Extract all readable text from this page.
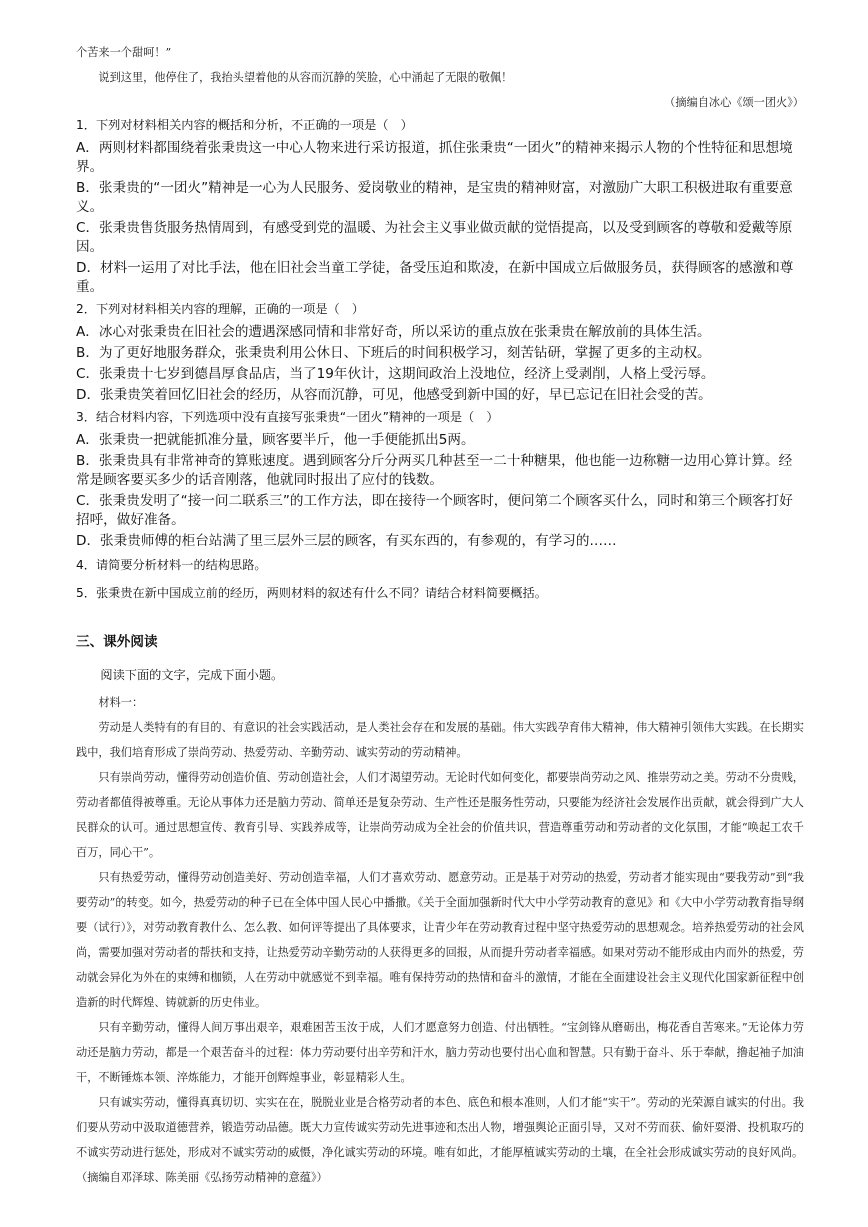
个苦来一个甜呵！”

说到这里，他停住了，我抬头望着他的从容而沉静的笑脸，心中涌起了无限的敬佩！

（摘编自冰心《颂一团火》）

1．下列对材料相关内容的概括和分析，不正确的一项是（　）

A．两则材料都围绕着张秉贵这一中心人物来进行采访报道，抓住张秉贵“一团火”的精神来揭示人物的个性特征和思想境界。

B．张秉贵的“一团火”精神是一心为人民服务、爱岗敬业的精神，是宝贵的精神财富，对激励广大职工积极进取有重要意义。

C．张秉贵售货服务热情周到，有感受到党的温暖、为社会主义事业做贡献的觉悟提高，以及受到顾客的尊敬和爱戴等原因。

D．材料一运用了对比手法，他在旧社会当童工学徒，备受压迫和欺凌，在新中国成立后做服务员，获得顾客的感激和尊重。

2．下列对材料相关内容的理解，正确的一项是（　）

A．冰心对张秉贵在旧社会的遭遇深感同情和非常好奇，所以采访的重点放在张秉贵在解放前的具体生活。

B．为了更好地服务群众，张秉贵利用公休日、下班后的时间积极学习，刻苦钻研，掌握了更多的主动权。

C．张秉贵十七岁到德昌厚食品店，当了19年伙计，这期间政治上没地位，经济上受剥削，人格上受污辱。

D．张秉贵笑着回忆旧社会的经历，从容而沉静，可见，他感受到新中国的好，早已忘记在旧社会受的苦。

3．结合材料内容，下列选项中没有直接写张秉贵“一团火”精神的一项是（　）

A．张秉贵一把就能抓准分量，顾客要半斤，他一手便能抓出5两。

B．张秉贵具有非常神奇的算账速度。遇到顾客分斤分两买几种甚至一二十种糖果，他也能一边称糖一边用心算计算。经常是顾客要买多少的话音刚落，他就同时报出了应付的钱数。

C．张秉贵发明了“接一问二联系三”的工作方法，即在接待一个顾客时，便问第二个顾客买什么，同时和第三个顾客打好招呼，做好准备。

D．张秉贵师傅的柜台站满了里三层外三层的顾客，有买东西的，有参观的，有学习的……

4．请简要分析材料一的结构思路。

5．张秉贵在新中国成立前的经历，两则材料的叙述有什么不同？请结合材料简要概括。

三、课外阅读

阅读下面的文字，完成下面小题。

材料一：

劳动是人类特有的有目的、有意识的社会实践活动，是人类社会存在和发展的基础。伟大实践孕育伟大精神，伟大精神引领伟大实践。在长期实践中，我们培育形成了崇尚劳动、热爱劳动、辛勤劳动、诚实劳动的劳动精神。

只有崇尚劳动，懂得劳动创造价值、劳动创造社会，人们才渴望劳动。无论时代如何变化，都要崇尚劳动之风、推崇劳动之美。劳动不分贵贱，劳动者都值得被尊重。无论从事体力还是脑力劳动、简单还是复杂劳动、生产性还是服务性劳动，只要能为经济社会发展作出贡献，就会得到广大人民群众的认可。通过思想宣传、教育引导、实践养成等，让崇尚劳动成为全社会的价值共识，营造尊重劳动和劳动者的文化氛围，才能“唤起工农千百万，同心干”。

只有热爱劳动，懂得劳动创造美好、劳动创造幸福，人们才喜欢劳动、愿意劳动。正是基于对劳动的热爱，劳动者才能实现由“要我劳动”到“我要劳动”的转变。如今，热爱劳动的种子已在全体中国人民心中播撒。《关于全面加强新时代大中小学劳动教育的意见》和《大中小学劳动教育指导纲要（试行）》，对劳动教育教什么、怎么教、如何评等提出了具体要求，让青少年在劳动教育过程中坚守热爱劳动的思想观念。培养热爱劳动的社会风尚，需要加强对劳动者的帮扶和支持，让热爱劳动辛勤劳动的人获得更多的回报，从而提升劳动者幸福感。如果对劳动不能形成由内而外的热爱，劳动就会异化为外在的束缚和枷锁，人在劳动中就感觉不到幸福。唯有保持劳动的热情和奋斗的激情，才能在全面建设社会主义现代化国家新征程中创造新的时代辉煌、铸就新的历史伟业。

只有辛勤劳动，懂得人间万事出艰辛，艰难困苦玉汝于成，人们才愿意努力创造、付出牺牲。“宝剑锋从磨砺出，梅花香自苦寒来。”无论体力劳动还是脑力劳动，都是一个艰苦奋斗的过程：体力劳动要付出辛劳和汗水，脑力劳动也要付出心血和智慧。只有勤于奋斗、乐于奉献，撸起袖子加油干，不断锤炼本领、淬炼能力，才能开创辉煌事业，彰显精彩人生。

只有诚实劳动，懂得真真切切、实实在在，脱脱业业是合格劳动者的本色、底色和根本准则，人们才能“实干”。劳动的光荣源自诚实的付出。我们要从劳动中汲取道德营养，锻造劳动品德。既大力宣传诚实劳动先进事迹和杰出人物，增强舆论正面引导，又对不劳而获、偷奸耍滑、投机取巧的不诚实劳动进行惩处，形成对不诚实劳动的威慑，净化诚实劳动的环境。唯有如此，才能厚植诚实劳动的土壤，在全社会形成诚实劳动的良好风尚。

（摘编自邓泽球、陈美丽《弘扬劳动精神的意蕴》）
